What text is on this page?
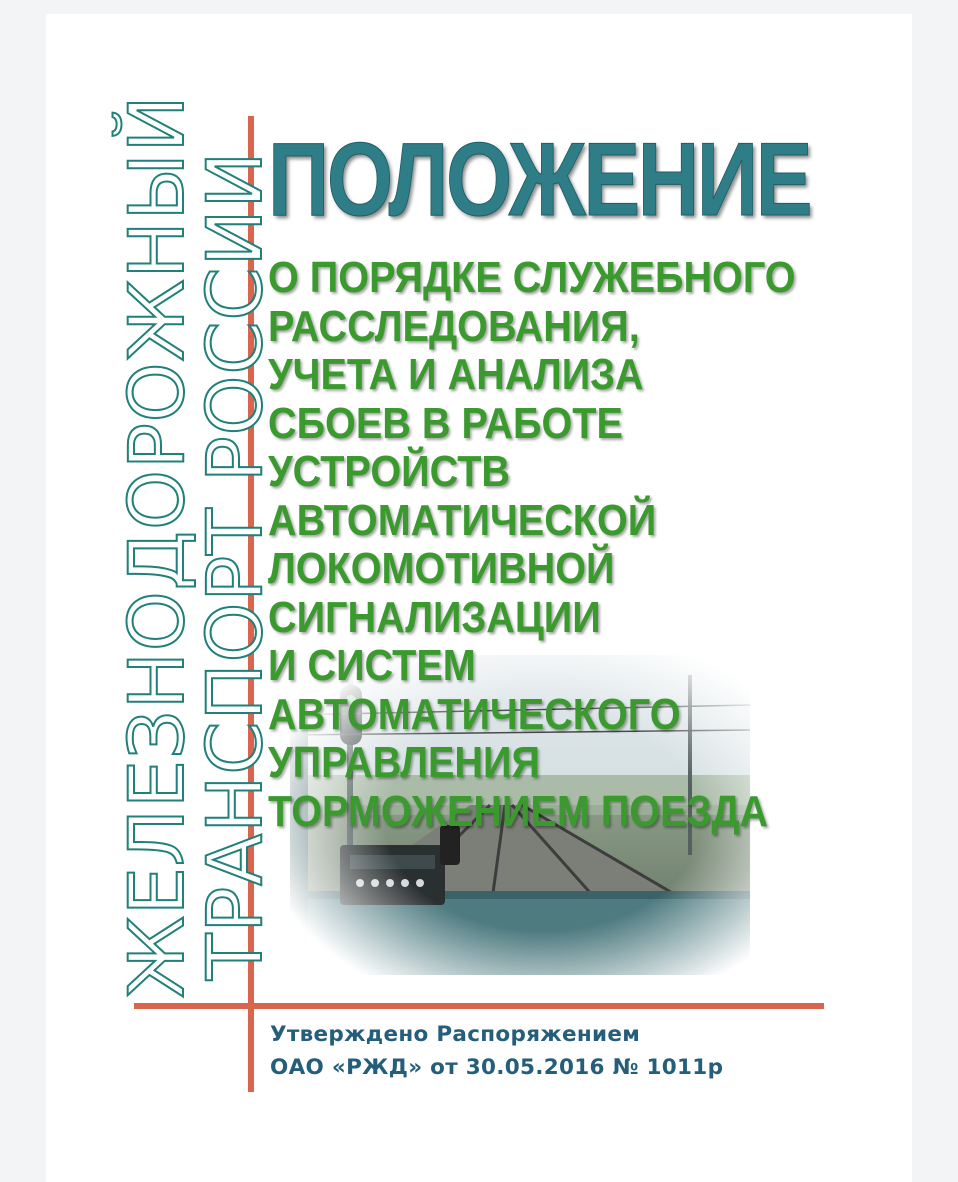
ЖЕЛЕЗНОДОРОЖНЫЙ
ТРАНСПОРТ РОССИИ
ПОЛОЖЕНИЕ
О ПОРЯДКЕ СЛУЖЕБНОГО
РАССЛЕДОВАНИЯ,
УЧЕТА И АНАЛИЗА
СБОЕВ В РАБОТЕ
УСТРОЙСТВ
АВТОМАТИЧЕСКОЙ
ЛОКОМОТИВНОЙ
СИГНАЛИЗАЦИИ
И СИСТЕМ
АВТОМАТИЧЕСКОГО
УПРАВЛЕНИЯ
ТОРМОЖЕНИЕМ ПОЕЗДА
Утверждено Распоряжением
ОАО «РЖД» от 30.05.2016 № 1011р
